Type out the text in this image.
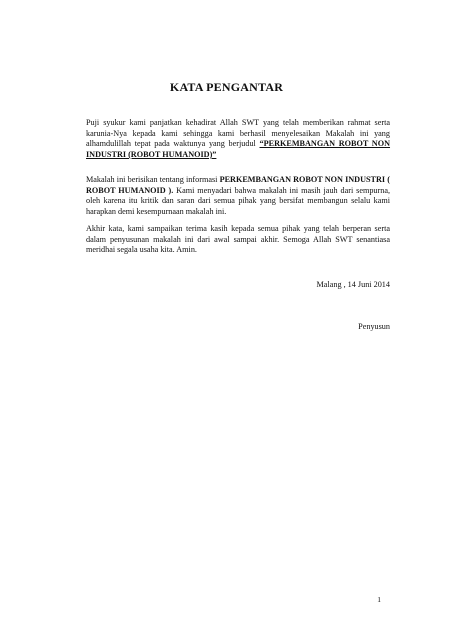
KATA PENGANTAR

Puji syukur kami panjatkan kehadirat Allah SWT yang telah memberikan rahmat serta karunia-Nya kepada kami sehingga kami berhasil menyelesaikan Makalah ini yang alhamdulillah tepat pada waktunya yang berjudul “PERKEMBANGAN ROBOT NON INDUSTRI (ROBOT HUMANOID)”

Makalah ini berisikan tentang informasi PERKEMBANGAN ROBOT NON INDUSTRI ( ROBOT HUMANOID ). Kami menyadari bahwa makalah ini masih jauh dari sempurna, oleh karena itu kritik dan saran dari semua pihak yang bersifat membangun selalu kami harapkan demi kesempurnaan makalah ini.

Akhir kata, kami sampaikan terima kasih kepada semua pihak yang telah berperan serta dalam penyusunan makalah ini dari awal sampai akhir. Semoga Allah SWT senantiasa meridhai segala usaha kita. Amin.

Malang , 14 Juni 2014
Penyusun
1
